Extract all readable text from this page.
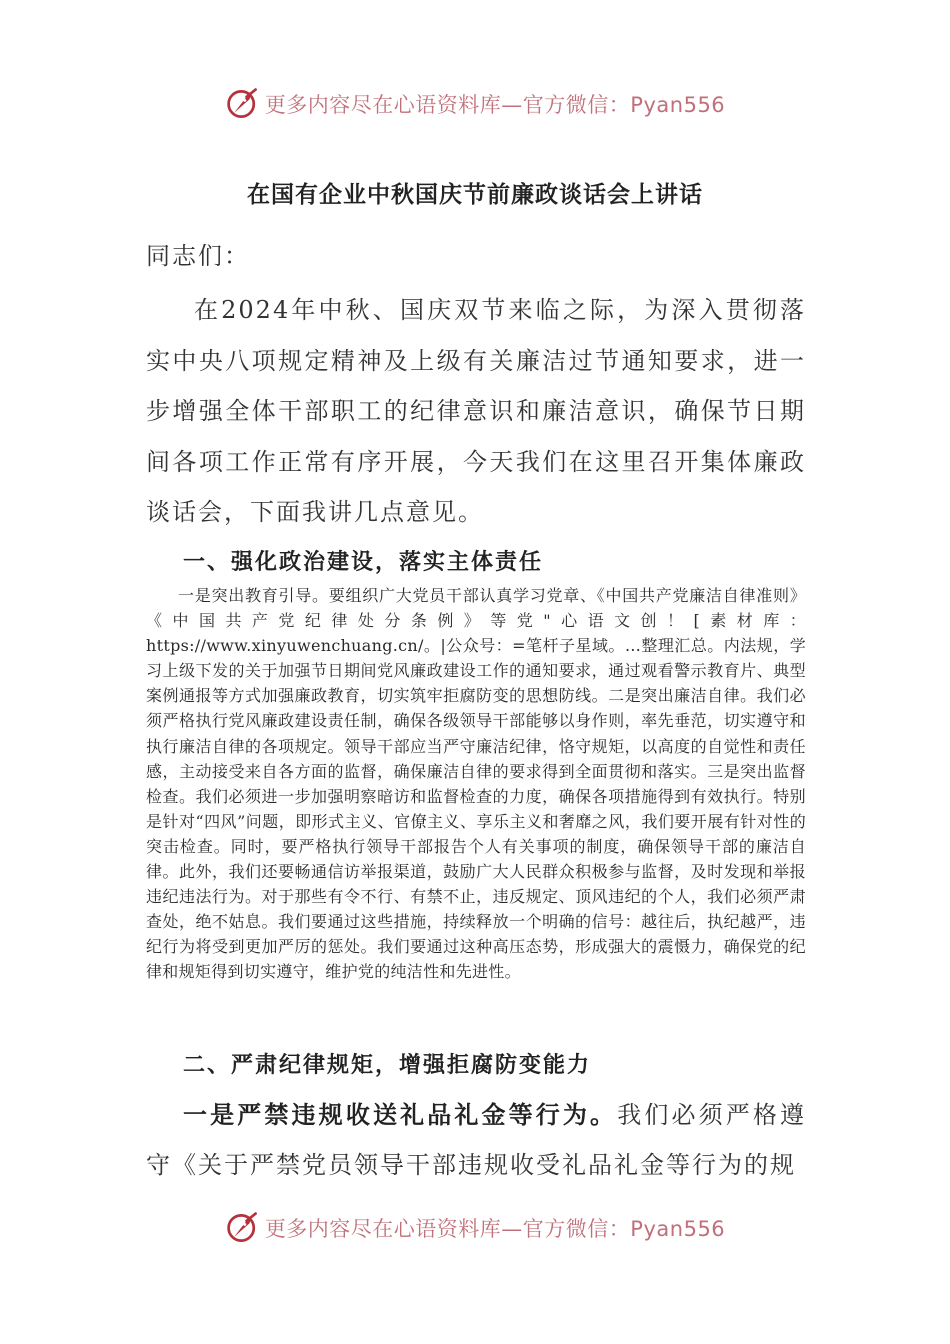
更多内容尽在心语资料库—官方微信：Pyan556
在国有企业中秋国庆节前廉政谈话会上讲话
同志们：

在2024年中秋、国庆双节来临之际，为深入贯彻落实中央八项规定精神及上级有关廉洁过节通知要求，进一步增强全体干部职工的纪律意识和廉洁意识，确保节日期间各项工作正常有序开展，今天我们在这里召开集体廉政谈话会，下面我讲几点意见。

一、强化政治建设，落实主体责任

一是突出教育引导。要组织广大党员干部认真学习党章、《中国共产党廉洁自律准则》《中国共产党纪律处分条例》等党"心语文创！[素材库：https://www.xinyuwenchuang.cn/。|公众号：=笔杆子星域。…整理汇总。内法规，学习上级下发的关于加强节日期间党风廉政建设工作的通知要求，通过观看警示教育片、典型案例通报等方式加强廉政教育，切实筑牢拒腐防变的思想防线。二是突出廉洁自律。我们必须严格执行党风廉政建设责任制，确保各级领导干部能够以身作则，率先垂范，切实遵守和执行廉洁自律的各项规定。领导干部应当严守廉洁纪律，恪守规矩，以高度的自觉性和责任感，主动接受来自各方面的监督，确保廉洁自律的要求得到全面贯彻和落实。三是突出监督检查。我们必须进一步加强明察暗访和监督检查的力度，确保各项措施得到有效执行。特别是针对“四风”问题，即形式主义、官僚主义、享乐主义和奢靡之风，我们要开展有针对性的突击检查。同时，要严格执行领导干部报告个人有关事项的制度，确保领导干部的廉洁自律。此外，我们还要畅通信访举报渠道，鼓励广大人民群众积极参与监督，及时发现和举报违纪违法行为。对于那些有令不行、有禁不止，违反规定、顶风违纪的个人，我们必须严肃查处，绝不姑息。我们要通过这些措施，持续释放一个明确的信号：越往后，执纪越严，违纪行为将受到更加严厉的惩处。我们要通过这种高压态势，形成强大的震慑力，确保党的纪律和规矩得到切实遵守，维护党的纯洁性和先进性。

二、严肃纪律规矩，增强拒腐防变能力

一是严禁违规收送礼品礼金等行为。我们必须严格遵守《关于严禁党员领导干部违规收受礼品礼金等行为的规

更多内容尽在心语资料库—官方微信：Pyan556
